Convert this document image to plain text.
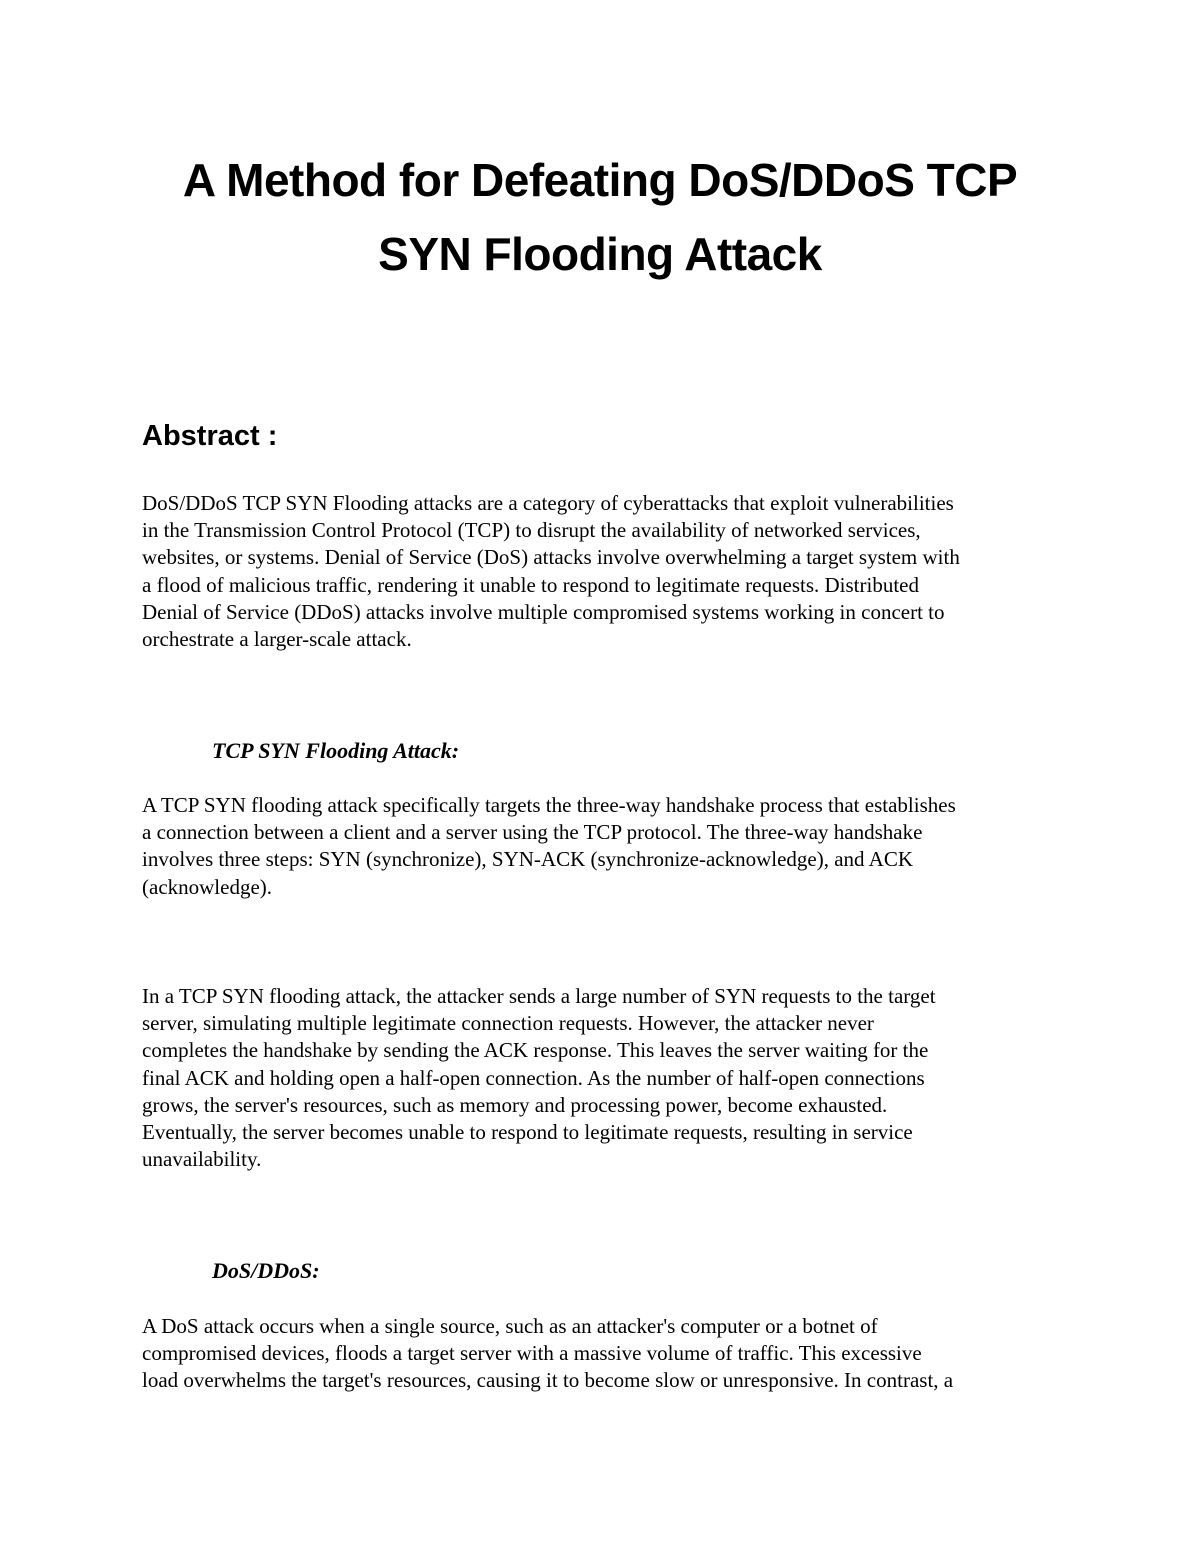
A Method for Defeating DoS/DDoS TCP
SYN Flooding Attack
Abstract :
DoS/DDoS TCP SYN Flooding attacks are a category of cyberattacks that exploit vulnerabilities
in the Transmission Control Protocol (TCP) to disrupt the availability of networked services,
websites, or systems. Denial of Service (DoS) attacks involve overwhelming a target system with
a flood of malicious traffic, rendering it unable to respond to legitimate requests. Distributed
Denial of Service (DDoS) attacks involve multiple compromised systems working in concert to
orchestrate a larger-scale attack.
TCP SYN Flooding Attack:
A TCP SYN flooding attack specifically targets the three-way handshake process that establishes
a connection between a client and a server using the TCP protocol. The three-way handshake
involves three steps: SYN (synchronize), SYN-ACK (synchronize-acknowledge), and ACK
(acknowledge).
In a TCP SYN flooding attack, the attacker sends a large number of SYN requests to the target
server, simulating multiple legitimate connection requests. However, the attacker never
completes the handshake by sending the ACK response. This leaves the server waiting for the
final ACK and holding open a half-open connection. As the number of half-open connections
grows, the server's resources, such as memory and processing power, become exhausted.
Eventually, the server becomes unable to respond to legitimate requests, resulting in service
unavailability.
DoS/DDoS:
A DoS attack occurs when a single source, such as an attacker's computer or a botnet of
compromised devices, floods a target server with a massive volume of traffic. This excessive
load overwhelms the target's resources, causing it to become slow or unresponsive. In contrast, a
